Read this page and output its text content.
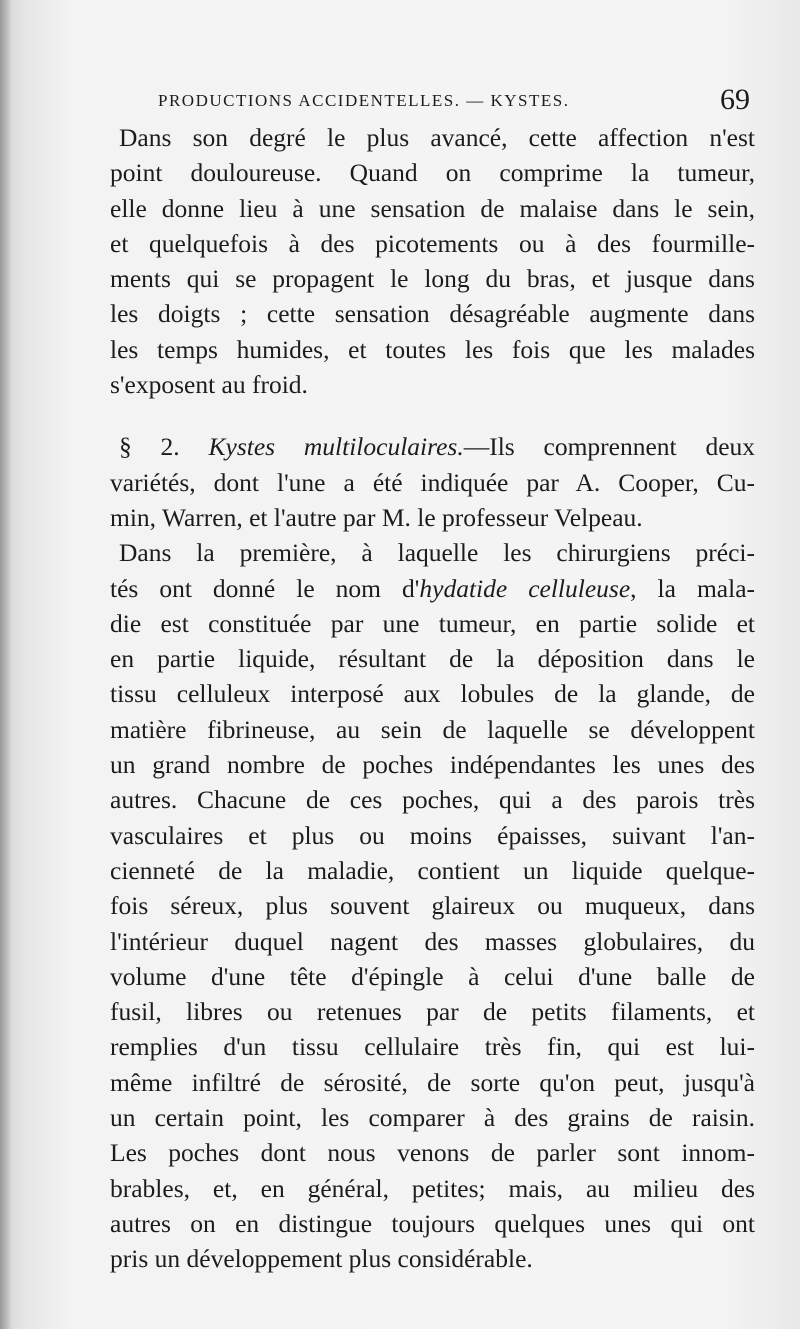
PRODUCTIONS ACCIDENTELLES. — KYSTES.	69
Dans son degré le plus avancé, cette affection n'est
point douloureuse. Quand on comprime la tumeur,
elle donne lieu à une sensation de malaise dans le sein,
et quelquefois à des picotements ou à des fourmille-
ments qui se propagent le long du bras, et jusque dans
les doigts ; cette sensation désagréable augmente dans
les temps humides, et toutes les fois que les malades
s'exposent au froid.
§ 2. Kystes multiloculaires.—Ils comprennent deux
variétés, dont l'une a été indiquée par A. Cooper, Cu-
min, Warren, et l'autre par M. le professeur Velpeau.
Dans la première, à laquelle les chirurgiens préci-
tés ont donné le nom d'hydatide celluleuse, la mala-
die est constituée par une tumeur, en partie solide et
en partie liquide, résultant de la déposition dans le
tissu celluleux interposé aux lobules de la glande, de
matière fibrineuse, au sein de laquelle se développent
un grand nombre de poches indépendantes les unes des
autres. Chacune de ces poches, qui a des parois très
vasculaires et plus ou moins épaisses, suivant l'an-
cienneté de la maladie, contient un liquide quelque-
fois séreux, plus souvent glaireux ou muqueux, dans
l'intérieur duquel nagent des masses globulaires, du
volume d'une tête d'épingle à celui d'une balle de
fusil, libres ou retenues par de petits filaments, et
remplies d'un tissu cellulaire très fin, qui est lui-
même infiltré de sérosité, de sorte qu'on peut, jusqu'à
un certain point, les comparer à des grains de raisin.
Les poches dont nous venons de parler sont innom-
brables, et, en général, petites; mais, au milieu des
autres on en distingue toujours quelques unes qui ont
pris un développement plus considérable.
